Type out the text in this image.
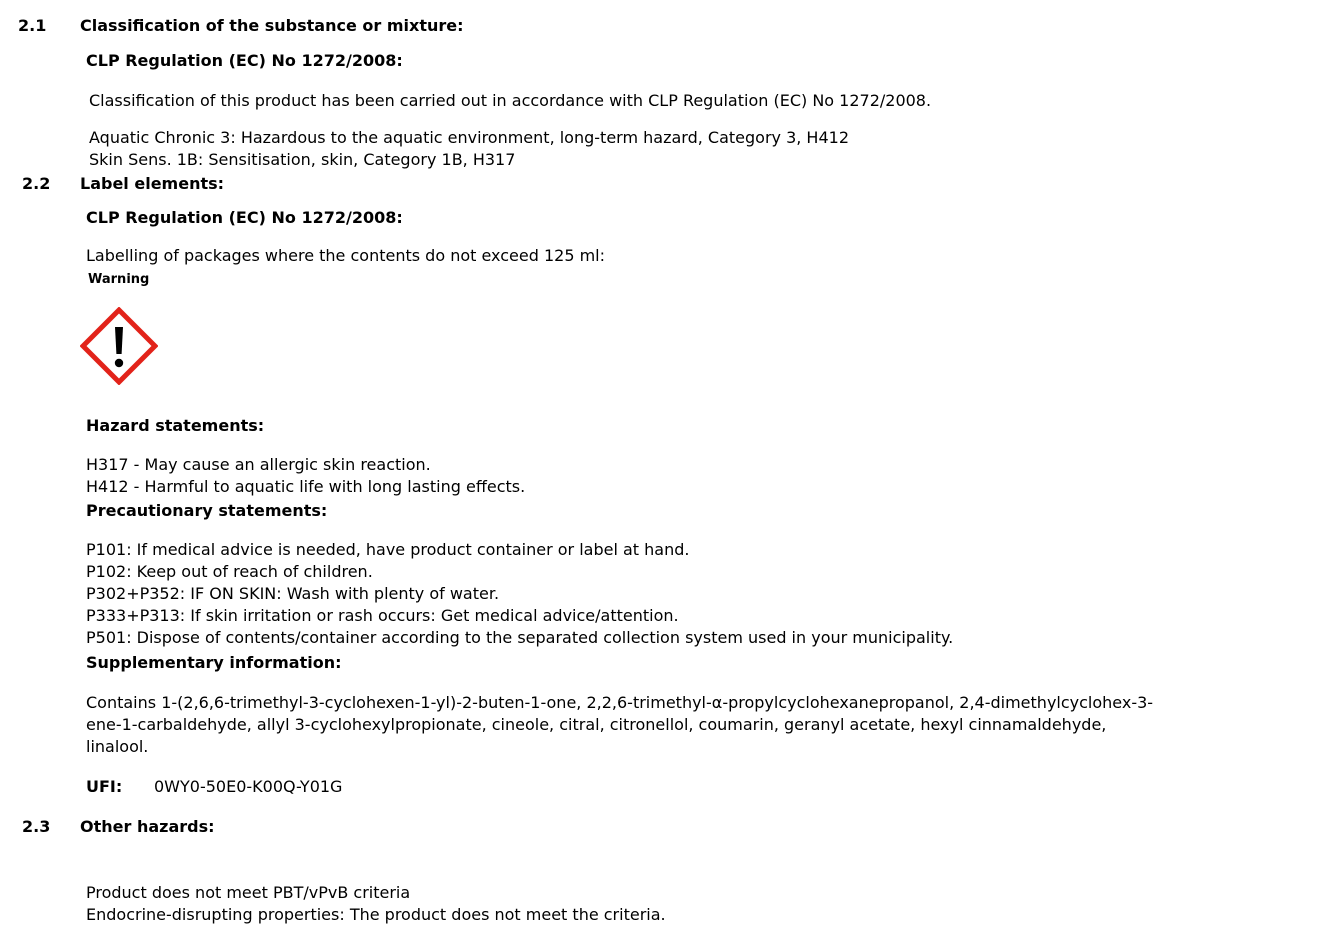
2.1 Classification of the substance or mixture:
CLP Regulation (EC) No 1272/2008:
Classification of this product has been carried out in accordance with CLP Regulation (EC) No 1272/2008.
Aquatic Chronic 3: Hazardous to the aquatic environment, long-term hazard, Category 3, H412
Skin Sens. 1B: Sensitisation, skin, Category 1B, H317
2.2 Label elements:
CLP Regulation (EC) No 1272/2008:
Labelling of packages where the contents do not exceed 125 ml:
Warning
Hazard statements:
H317 - May cause an allergic skin reaction.
H412 - Harmful to aquatic life with long lasting effects.
Precautionary statements:
P101: If medical advice is needed, have product container or label at hand.
P102: Keep out of reach of children.
P302+P352: IF ON SKIN: Wash with plenty of water.
P333+P313: If skin irritation or rash occurs: Get medical advice/attention.
P501: Dispose of contents/container according to the separated collection system used in your municipality.
Supplementary information:
Contains 1-(2,6,6-trimethyl-3-cyclohexen-1-yl)-2-buten-1-one, 2,2,6-trimethyl-α-propylcyclohexanepropanol, 2,4-dimethylcyclohex-3-
ene-1-carbaldehyde, allyl 3-cyclohexylpropionate, cineole, citral, citronellol, coumarin, geranyl acetate, hexyl cinnamaldehyde,
linalool.
UFI: 0WY0-50E0-K00Q-Y01G
2.3 Other hazards:
Product does not meet PBT/vPvB criteria
Endocrine-disrupting properties: The product does not meet the criteria.
